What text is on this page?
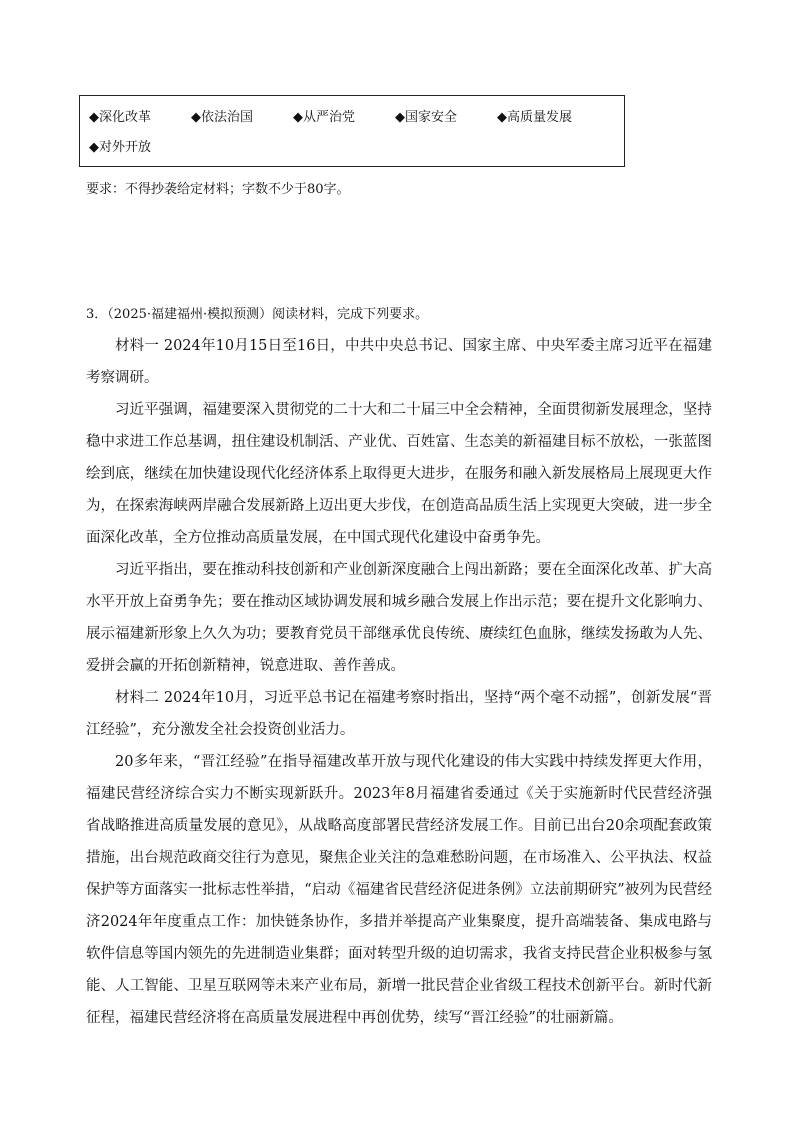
◆深化改革	◆依法治国	◆从严治党	◆国家安全	◆高质量发展
◆对外开放
要求：不得抄袭给定材料；字数不少于80字。
3．（2025·福建福州·模拟预测）阅读材料，完成下列要求。

材料一 2024年10月15日至16日，中共中央总书记、国家主席、中央军委主席习近平在福建考察调研。

习近平强调，福建要深入贯彻党的二十大和二十届三中全会精神，全面贯彻新发展理念，坚持稳中求进工作总基调，扭住建设机制活、产业优、百姓富、生态美的新福建目标不放松，一张蓝图绘到底，继续在加快建设现代化经济体系上取得更大进步，在服务和融入新发展格局上展现更大作为，在探索海峡两岸融合发展新路上迈出更大步伐，在创造高品质生活上实现更大突破，进一步全面深化改革，全方位推动高质量发展，在中国式现代化建设中奋勇争先。

习近平指出，要在推动科技创新和产业创新深度融合上闯出新路；要在全面深化改革、扩大高水平开放上奋勇争先；要在推动区域协调发展和城乡融合发展上作出示范；要在提升文化影响力、展示福建新形象上久久为功；要教育党员干部继承优良传统、赓续红色血脉，继续发扬敢为人先、爱拼会赢的开拓创新精神，锐意进取、善作善成。

材料二 2024年10月，习近平总书记在福建考察时指出，坚持“两个毫不动摇”，创新发展“晋江经验”，充分激发全社会投资创业活力。

20多年来，“晋江经验”在指导福建改革开放与现代化建设的伟大实践中持续发挥更大作用，福建民营经济综合实力不断实现新跃升。2023年8月福建省委通过《关于实施新时代民营经济强省战略推进高质量发展的意见》，从战略高度部署民营经济发展工作。目前已出台20余项配套政策措施，出台规范政商交往行为意见，聚焦企业关注的急难愁盼问题，在市场准入、公平执法、权益保护等方面落实一批标志性举措，“启动《福建省民营经济促进条例》立法前期研究”被列为民营经济2024年年度重点工作：加快链条协作，多措并举提高产业集聚度，提升高端装备、集成电路与软件信息等国内领先的先进制造业集群；面对转型升级的迫切需求，我省支持民营企业积极参与氢能、人工智能、卫星互联网等未来产业布局，新增一批民营企业省级工程技术创新平台。新时代新征程，福建民营经济将在高质量发展进程中再创优势，续写“晋江经验”的壮丽新篇。
